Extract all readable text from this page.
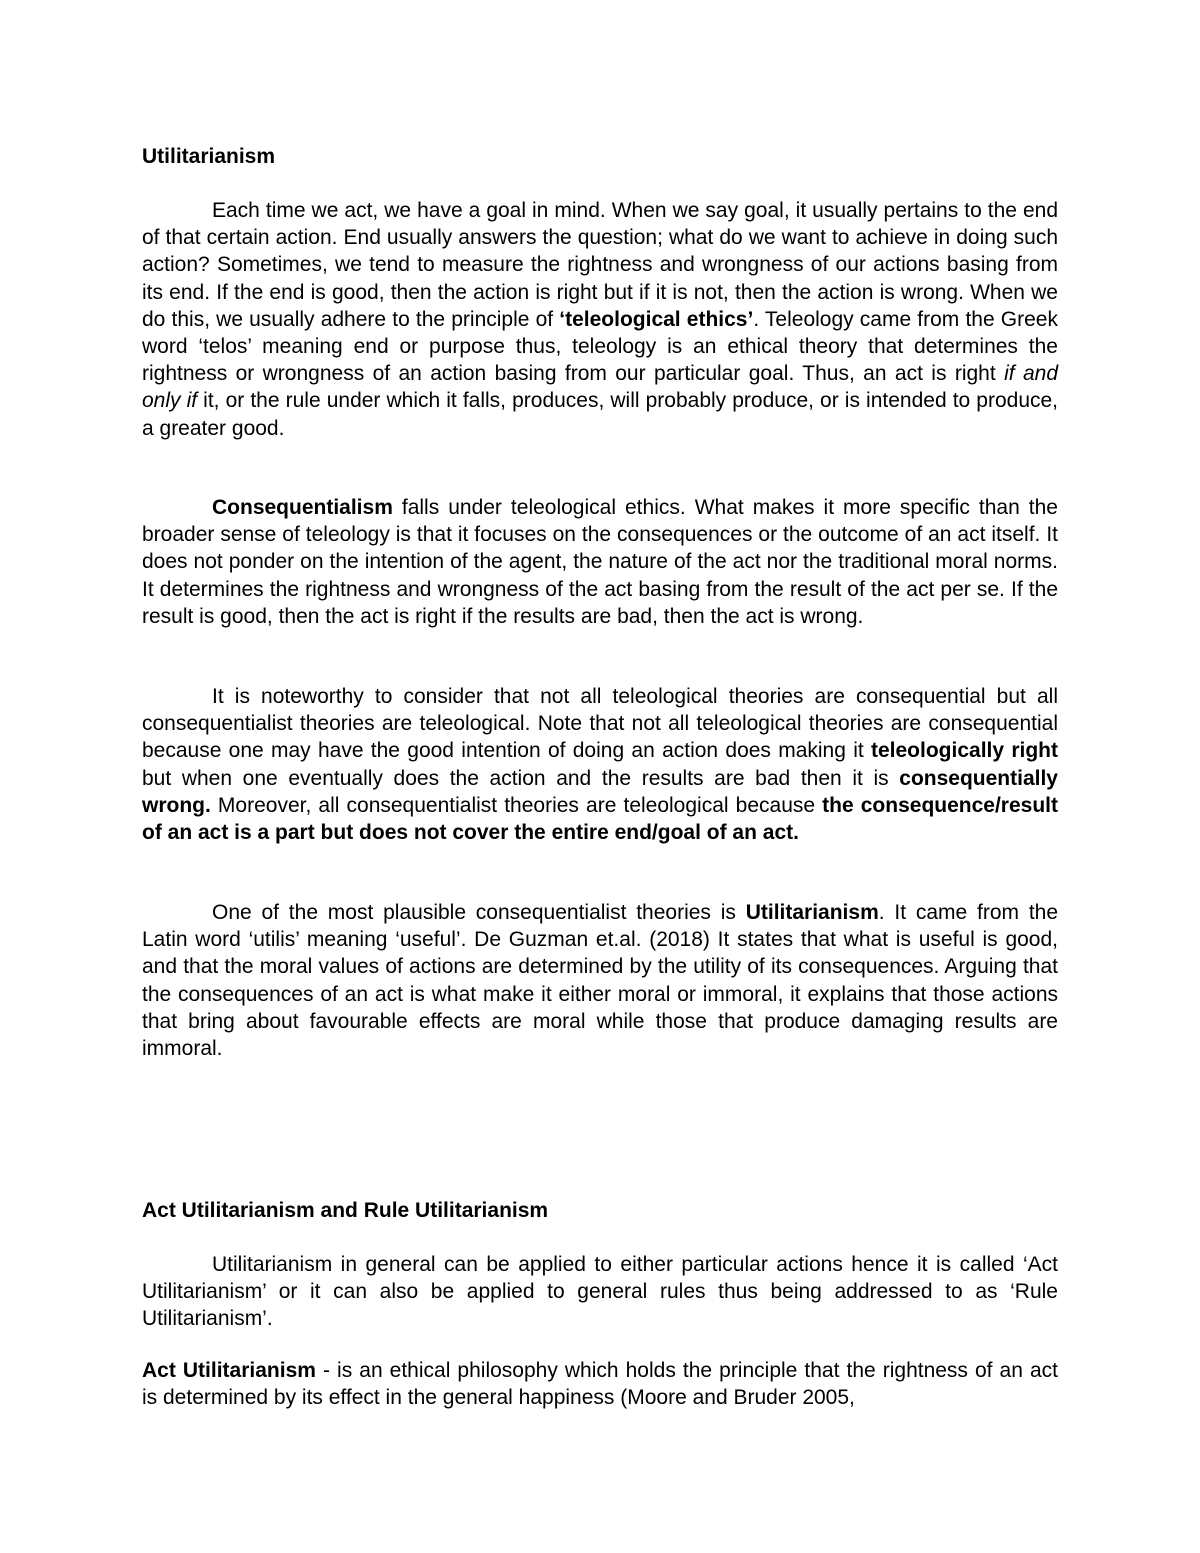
Utilitarianism

Each time we act, we have a goal in mind. When we say goal, it usually pertains to the end of that certain action. End usually answers the question; what do we want to achieve in doing such action? Sometimes, we tend to measure the rightness and wrongness of our actions basing from its end. If the end is good, then the action is right but if it is not, then the action is wrong. When we do this, we usually adhere to the principle of ‘teleological ethics’. Teleology came from the Greek word ‘telos’ meaning end or purpose thus, teleology is an ethical theory that determines the rightness or wrongness of an action basing from our particular goal. Thus, an act is right if and only if it, or the rule under which it falls, produces, will probably produce, or is intended to produce, a greater good.

Consequentialism falls under teleological ethics. What makes it more specific than the broader sense of teleology is that it focuses on the consequences or the outcome of an act itself. It does not ponder on the intention of the agent, the nature of the act nor the traditional moral norms. It determines the rightness and wrongness of the act basing from the result of the act per se. If the result is good, then the act is right if the results are bad, then the act is wrong.

It is noteworthy to consider that not all teleological theories are consequential but all consequentialist theories are teleological. Note that not all teleological theories are consequential because one may have the good intention of doing an action does making it teleologically right but when one eventually does the action and the results are bad then it is consequentially wrong. Moreover, all consequentialist theories are teleological because the consequence/result of an act is a part but does not cover the entire end/goal of an act.

One of the most plausible consequentialist theories is Utilitarianism. It came from the Latin word ‘utilis’ meaning ‘useful’. De Guzman et.al. (2018) It states that what is useful is good, and that the moral values of actions are determined by the utility of its consequences. Arguing that the consequences of an act is what make it either moral or immoral, it explains that those actions that bring about favourable effects are moral while those that produce damaging results are immoral.

Act Utilitarianism and Rule Utilitarianism

Utilitarianism in general can be applied to either particular actions hence it is called ‘Act Utilitarianism’ or it can also be applied to general rules thus being addressed to as ‘Rule Utilitarianism’.

Act Utilitarianism - is an ethical philosophy which holds the principle that the rightness of an act is determined by its effect in the general happiness (Moore and Bruder 2005,
